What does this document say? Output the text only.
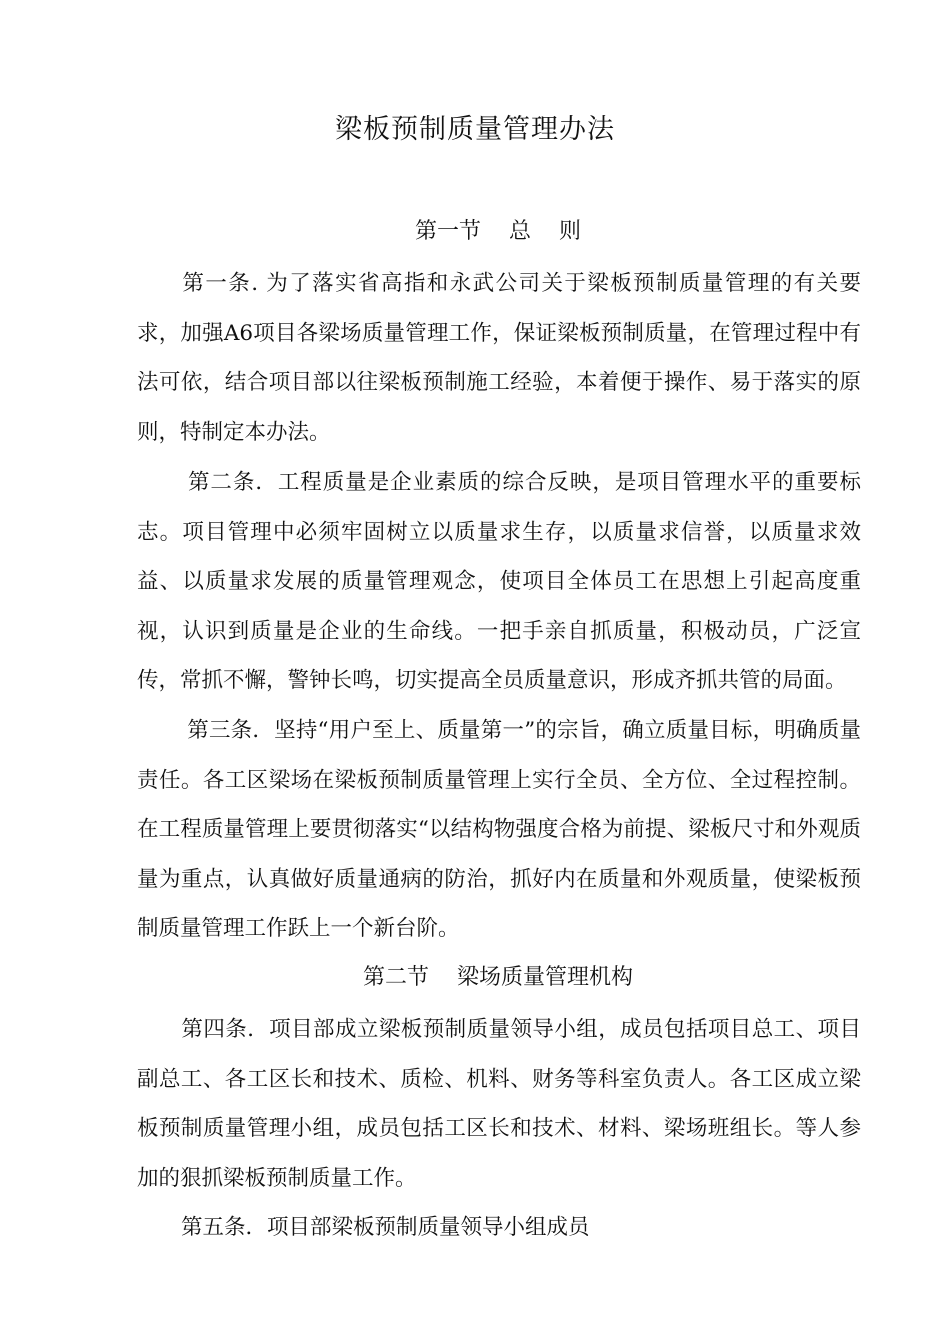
梁板预制质量管理办法
第一节    总    则

第一条. 为了落实省高指和永武公司关于梁板预制质量管理的有关要求，加强A6项目各梁场质量管理工作，保证梁板预制质量，在管理过程中有法可依，结合项目部以往梁板预制施工经验，本着便于操作、易于落实的原则，特制定本办法。

第二条．工程质量是企业素质的综合反映，是项目管理水平的重要标志。项目管理中必须牢固树立以质量求生存，以质量求信誉，以质量求效益、以质量求发展的质量管理观念，使项目全体员工在思想上引起高度重视，认识到质量是企业的生命线。一把手亲自抓质量，积极动员，广泛宣传，常抓不懈，警钟长鸣，切实提高全员质量意识，形成齐抓共管的局面。

第三条．坚持“用户至上、质量第一”的宗旨，确立质量目标，明确质量责任。各工区梁场在梁板预制质量管理上实行全员、全方位、全过程控制。在工程质量管理上要贯彻落实“以结构物强度合格为前提、梁板尺寸和外观质量为重点，认真做好质量通病的防治，抓好内在质量和外观质量，使梁板预制质量管理工作跃上一个新台阶。

第二节    梁场质量管理机构

第四条．项目部成立梁板预制质量领导小组，成员包括项目总工、项目副总工、各工区长和技术、质检、机料、财务等科室负责人。各工区成立梁板预制质量管理小组，成员包括工区长和技术、材料、梁场班组长。等人参加的狠抓梁板预制质量工作。

第五条．项目部梁板预制质量领导小组成员
